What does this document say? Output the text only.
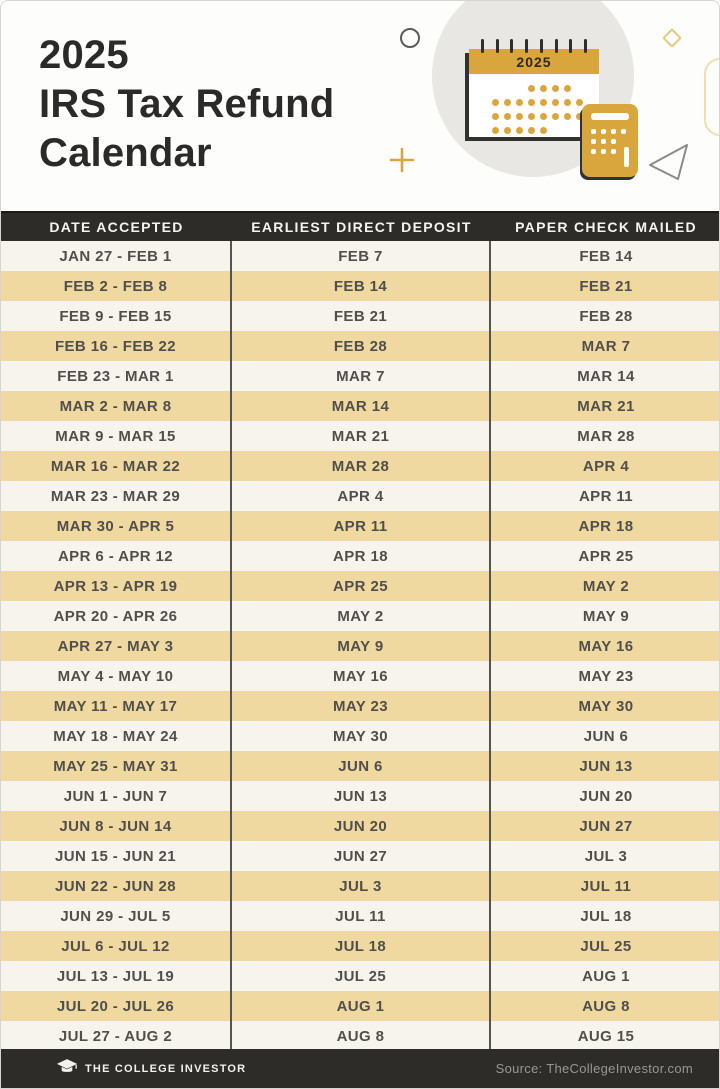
2025
2025
IRS Tax Refund
Calendar
DATE ACCEPTED	EARLIEST DIRECT DEPOSIT	PAPER CHECK MAILED
JAN 27 - FEB 1	FEB 7	FEB 14
FEB 2 - FEB 8	FEB 14	FEB 21
FEB 9 - FEB 15	FEB 21	FEB 28
FEB 16 - FEB 22	FEB 28	MAR 7
FEB 23 - MAR 1	MAR 7	MAR 14
MAR 2 - MAR 8	MAR 14	MAR 21
MAR 9 - MAR 15	MAR 21	MAR 28
MAR 16 - MAR 22	MAR 28	APR 4
MAR 23 - MAR 29	APR 4	APR 11
MAR 30 - APR 5	APR 11	APR 18
APR 6 - APR 12	APR 18	APR 25
APR 13 - APR 19	APR 25	MAY 2
APR 20 - APR 26	MAY 2	MAY 9
APR 27 - MAY 3	MAY 9	MAY 16
MAY 4 - MAY 10	MAY 16	MAY 23
MAY 11 - MAY 17	MAY 23	MAY 30
MAY 18 - MAY 24	MAY 30	JUN 6
MAY 25 - MAY 31	JUN 6	JUN 13
JUN 1 - JUN 7	JUN 13	JUN 20
JUN 8 - JUN 14	JUN 20	JUN 27
JUN 15 - JUN 21	JUN 27	JUL 3
JUN 22 - JUN 28	JUL 3	JUL 11
JUN 29 - JUL 5	JUL 11	JUL 18
JUL 6 - JUL 12	JUL 18	JUL 25
JUL 13 - JUL 19	JUL 25	AUG 1
JUL 20 - JUL 26	AUG 1	AUG 8
JUL 27 - AUG 2	AUG 8	AUG 15
THE COLLEGE INVESTOR	Source: TheCollegeInvestor.com
